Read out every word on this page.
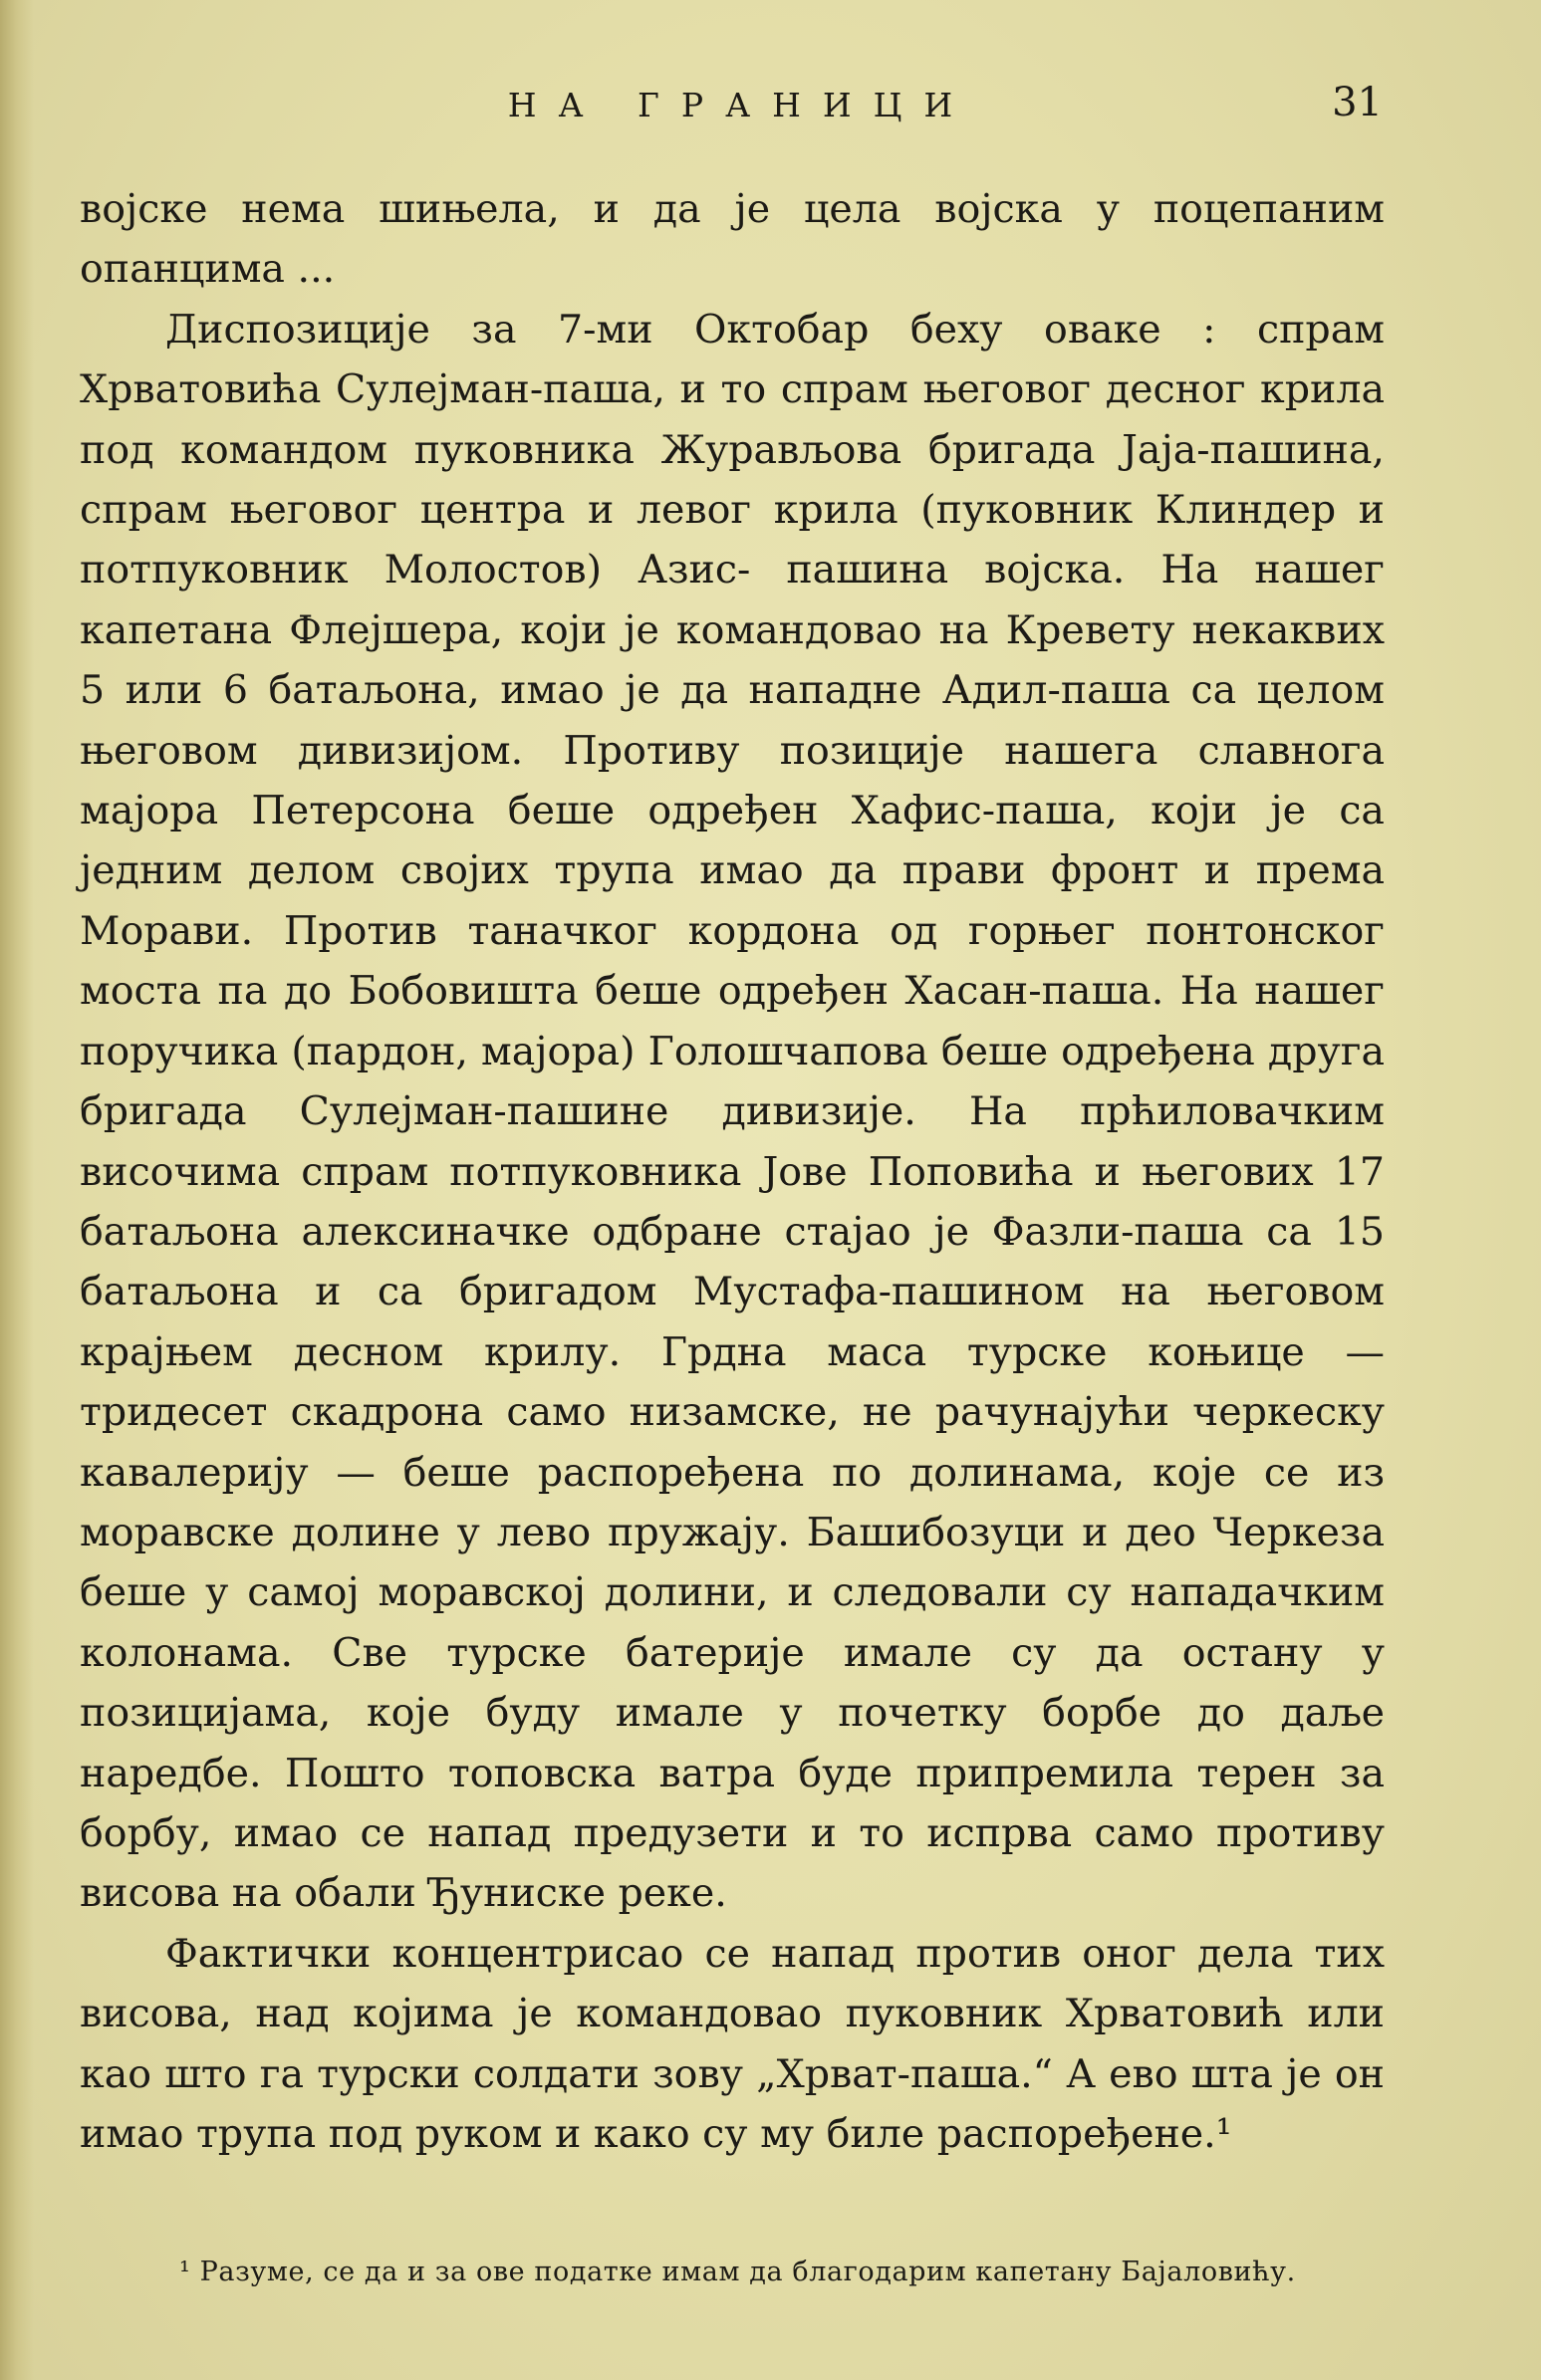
НА ГРАНИЦИ	31

војске нема шињела, и да је цела војска у поцепаним опанцима ...

Диспозиције за 7-ми Октобар беху оваке : спрам Хрватовића Сулејман-паша, и то спрам његовог десног крила под командом пуковника Журављова бригада Јаја-пашина, спрам његовог центра и левог крила (пуковник Клиндер и потпуковник Молостов) Азис- пашина војска. На нашег капетана Флејшера, који је командовао на Кревету некаквих 5 или 6 батаљона, имао је да нападне Адил-паша са целом његовом дивизијом. Противу позиције нашега славнога мајора Петерсона беше одређен Хафис-паша, који је са једним делом својих трупа имао да прави фронт и према Морави. Против таначког кордона од горњег понтонског моста па до Бобовишта беше одређен Хасан-паша. На нашег поручика (пардон, мајора) Голошчапова беше одређена друга бригада Сулејман-пашине дивизије. На прћиловачким височима спрам потпуковника Јове Поповића и његових 17 батаљона алексиначке одбране стајао је Фазли-паша са 15 батаљона и са бригадом Мустафа-пашином на његовом крајњем десном крилу. Грдна маса турске коњице — тридесет скадрона само низамске, не рачунајући черкеску кавалерију — беше распоређена по долинама, које се из моравске долине у лево пружају. Башибозуци и део Черкеза беше у самој моравској долини, и следовали су нападачким колонама. Све турске батерије имале су да остану у позицијама, које буду имале у почетку борбе до даље наредбе. Пошто топовска ватра буде припремила терен за борбу, имао се напад предузети и то испрва само противу висова на обали Ђуниске реке.

Фактички концентрисао се напад против оног дела тих висова, над којима је командовао пуковник Хрватовић или као што га турски солдати зову „Хрват-паша.“ А ево шта је он имао трупа под руком и како су му биле распоређене.¹

¹ Разуме, се да и за ове податке имам да благодарим капетану Бајаловићу.
